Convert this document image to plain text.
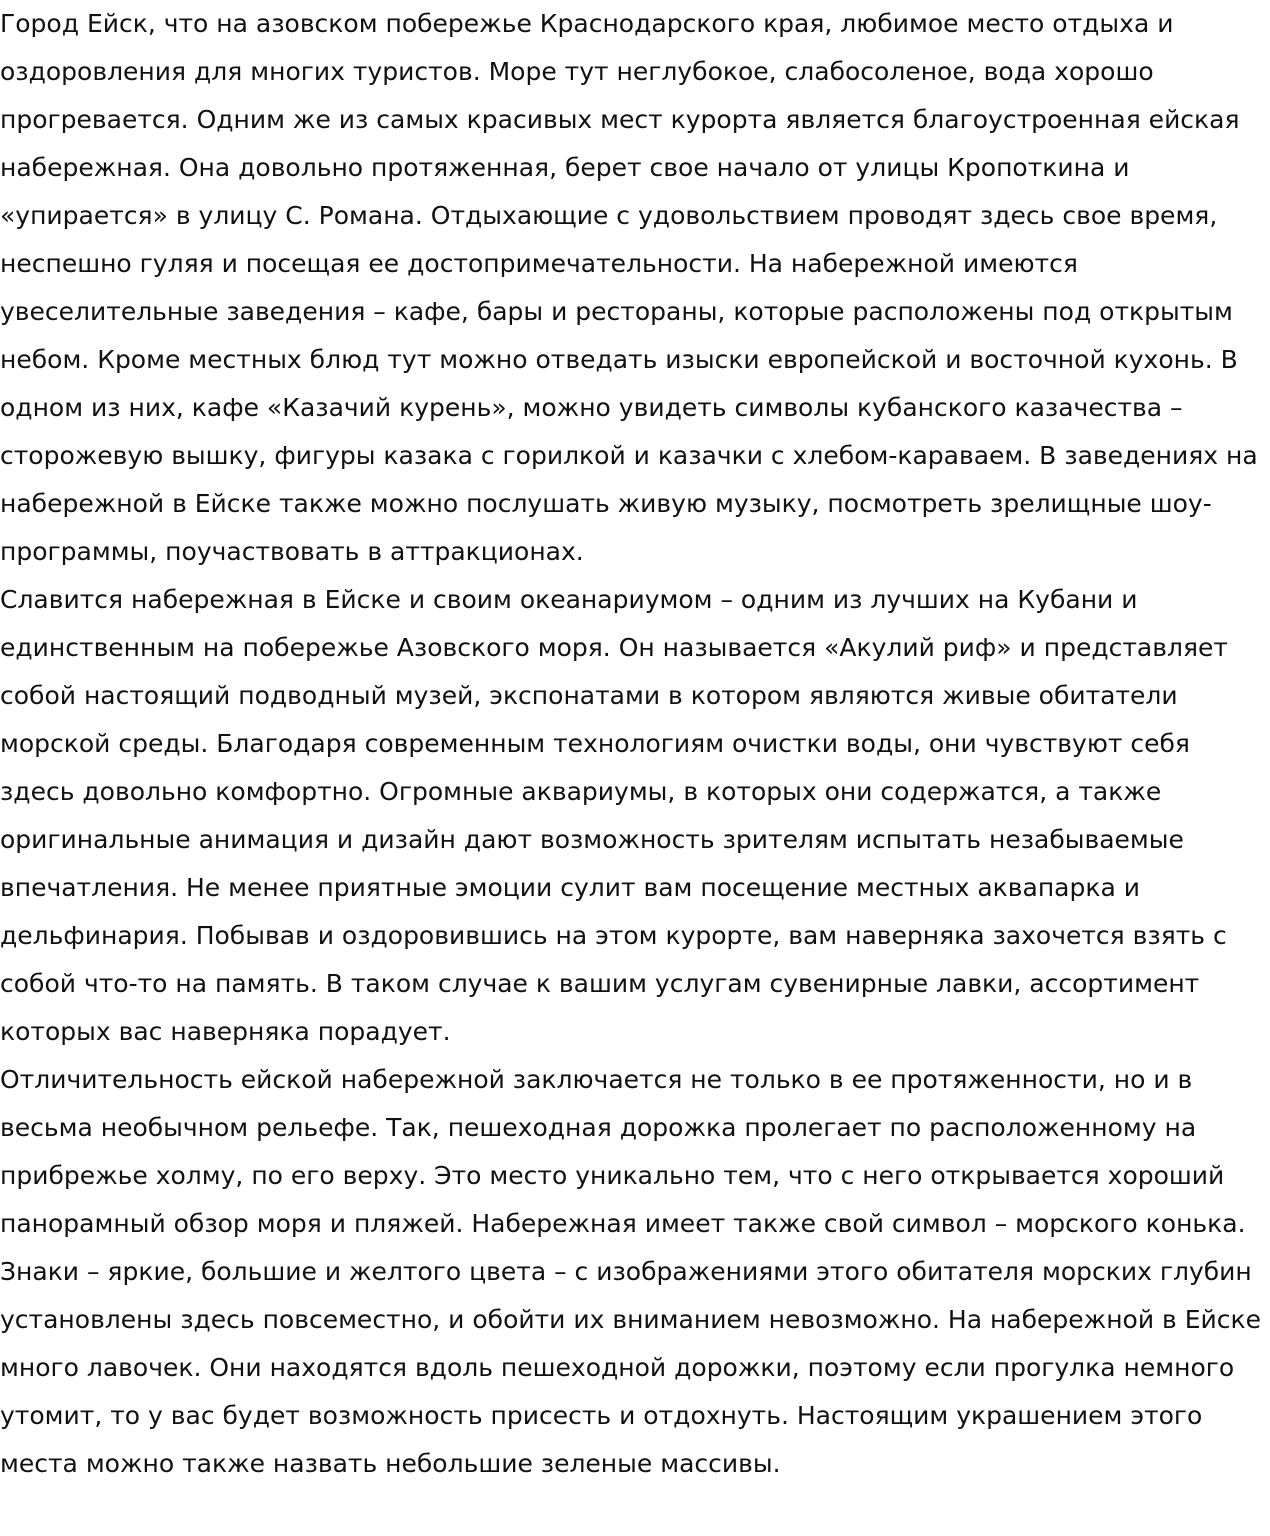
Город Ейск, что на азовском побережье Краснодарского края, любимое место отдыха и оздоровления для многих туристов. Море тут неглубокое, слабосоленое, вода хорошо прогревается. Одним же из самых красивых мест курорта является благоустроенная ейская набережная. Она довольно протяженная, берет свое начало от улицы Кропоткина и «упирается» в улицу С. Романа. Отдыхающие с удовольствием проводят здесь свое время, неспешно гуляя и посещая ее достопримечательности. На набережной имеются увеселительные заведения – кафе, бары и рестораны, которые расположены под открытым небом. Кроме местных блюд тут можно отведать изыски европейской и восточной кухонь. В одном из них, кафе «Казачий курень», можно увидеть символы кубанского казачества – сторожевую вышку, фигуры казака с горилкой и казачки с хлебом-караваем. В заведениях на набережной в Ейске также можно послушать живую музыку, посмотреть зрелищные шоу-программы, поучаствовать в аттракционах.

Славится набережная в Ейске и своим океанариумом – одним из лучших на Кубани и единственным на побережье Азовского моря. Он называется «Акулий риф» и представляет собой настоящий подводный музей, экспонатами в котором являются живые обитатели морской среды. Благодаря современным технологиям очистки воды, они чувствуют себя здесь довольно комфортно. Огромные аквариумы, в которых они содержатся, а также оригинальные анимация и дизайн дают возможность зрителям испытать незабываемые впечатления. Не менее приятные эмоции сулит вам посещение местных аквапарка и дельфинария. Побывав и оздоровившись на этом курорте, вам наверняка захочется взять с собой что-то на память. В таком случае к вашим услугам сувенирные лавки, ассортимент которых вас наверняка порадует.

Отличительность ейской набережной заключается не только в ее протяженности, но и в весьма необычном рельефе. Так, пешеходная дорожка пролегает по расположенному на прибрежье холму, по его верху. Это место уникально тем, что с него открывается хороший панорамный обзор моря и пляжей. Набережная имеет также свой символ – морского конька. Знаки – яркие, большие и желтого цвета – с изображениями этого обитателя морских глубин установлены здесь повсеместно, и обойти их вниманием невозможно. На набережной в Ейске много лавочек. Они находятся вдоль пешеходной дорожки, поэтому если прогулка немного утомит, то у вас будет возможность присесть и отдохнуть. Настоящим украшением этого места можно также назвать небольшие зеленые массивы.
